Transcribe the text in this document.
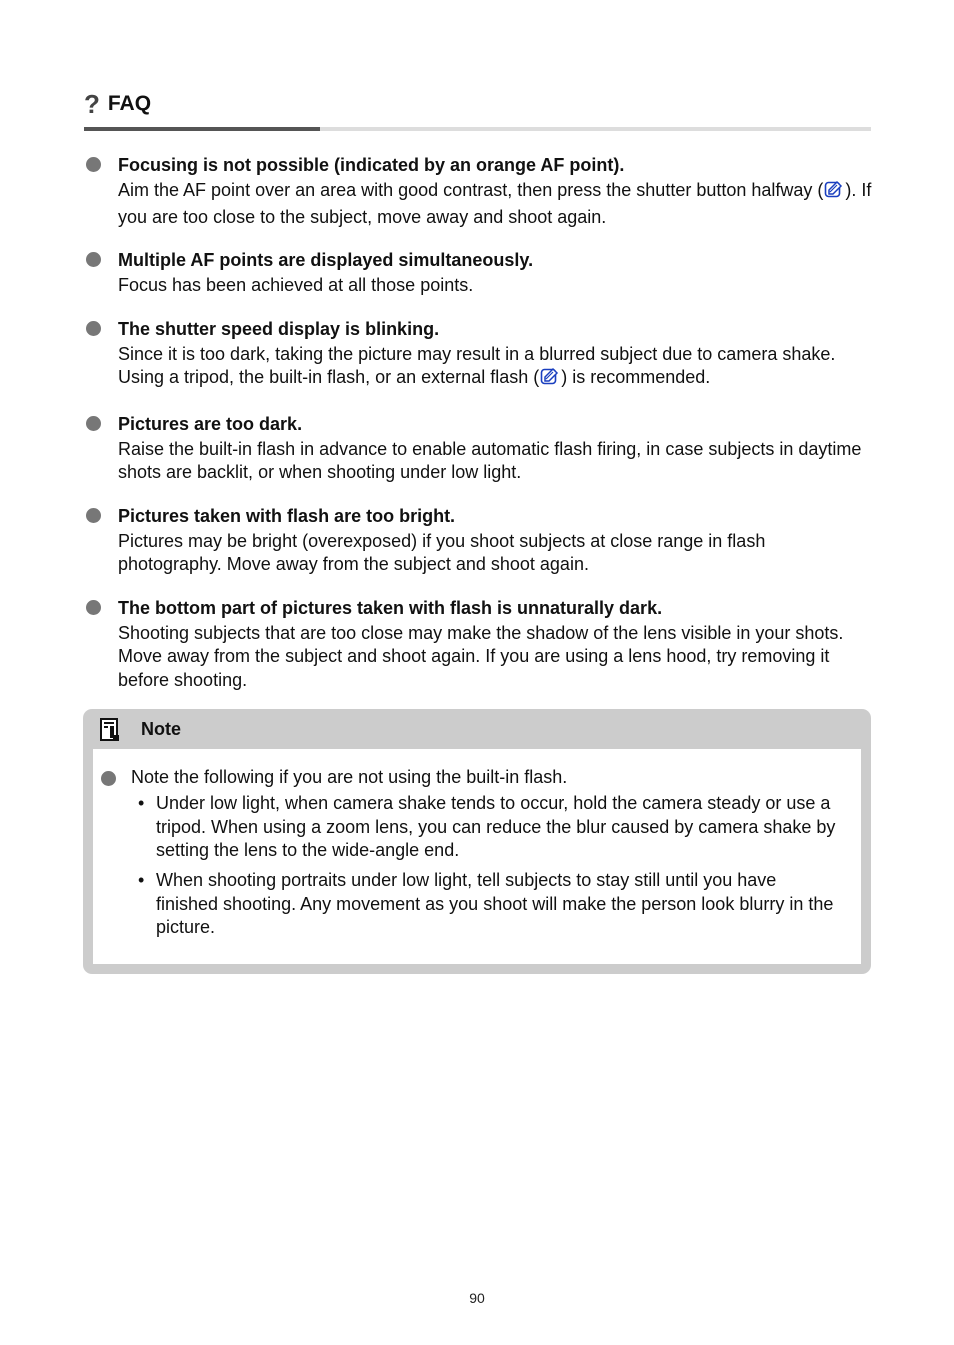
? FAQ
Focusing is not possible (indicated by an orange AF point).
Aim the AF point over an area with good contrast, then press the shutter button halfway ( ). If you are too close to the subject, move away and shoot again.
Multiple AF points are displayed simultaneously.
Focus has been achieved at all those points.
The shutter speed display is blinking.
Since it is too dark, taking the picture may result in a blurred subject due to camera shake. Using a tripod, the built-in flash, or an external flash ( ) is recommended.
Pictures are too dark.
Raise the built-in flash in advance to enable automatic flash firing, in case subjects in daytime shots are backlit, or when shooting under low light.
Pictures taken with flash are too bright.
Pictures may be bright (overexposed) if you shoot subjects at close range in flash photography. Move away from the subject and shoot again.
The bottom part of pictures taken with flash is unnaturally dark.
Shooting subjects that are too close may make the shadow of the lens visible in your shots. Move away from the subject and shoot again. If you are using a lens hood, try removing it before shooting.
Note
Note the following if you are not using the built-in flash.
• Under low light, when camera shake tends to occur, hold the camera steady or use a tripod. When using a zoom lens, you can reduce the blur caused by camera shake by setting the lens to the wide-angle end.
• When shooting portraits under low light, tell subjects to stay still until you have finished shooting. Any movement as you shoot will make the person look blurry in the picture.
90
